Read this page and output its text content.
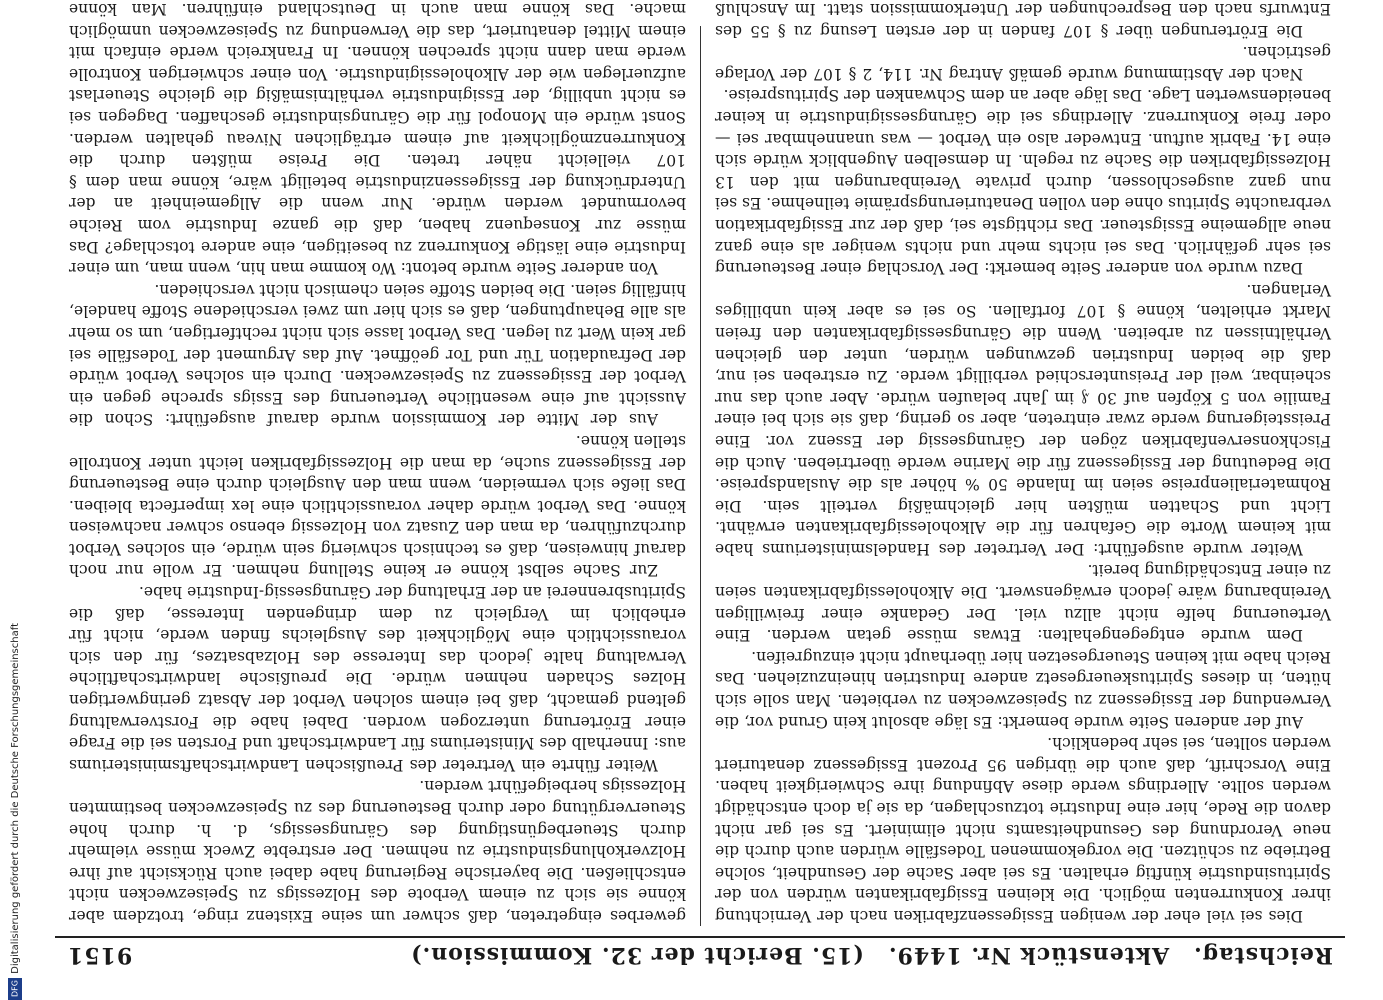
Reichstag.
Aktenstück Nr. 1449.
(15. Bericht der 32. Kommission.)
9151

Dies sei viel eher der wenigen Essigessenzfabriken nach der Vernichtung ihrer Konkurrenten möglich. Die kleinen Essigfabrikanten würden von der Spiritusindustrie künftig erhalten. Es sei aber Sache der Gesundheit, solche Betriebe zu schützen. Die vorgekommenen Todesfälle würden auch durch die neue Verordnung des Gesundheitsamts nicht eliminiert. Es sei gar nicht davon die Rede, hier eine Industrie totzuschlagen, da sie ja doch entschädigt werden sollte. Allerdings werde diese Abfindung ihre Schwierigkeit haben. Eine Vorschrift, daß auch die übrigen 95 Prozent Essigessenz denaturiert werden sollten, sei sehr bedenklich.

Auf der anderen Seite wurde bemerkt: Es läge absolut kein Grund vor, die Verwendung der Essigessenz zu Speisezwecken zu verbieten. Man solle sich hüten, in dieses Spirituskeuergesetz andere Industrien hineinzuziehen. Das Reich habe mit keinen Steuergesetzen hier überhaupt nicht einzugreifen.

Dem wurde entgegengehalten: Etwas müsse getan werden. Eine Verteuerung helfe nicht allzu viel. Der Gedanke einer freiwilligen Vereinbarung wäre jedoch erwägenswert. Die Alkoholessigfabrikanten seien zu einer Entschädigung bereit.

Weiter wurde ausgeführt: Der Vertreter des Handelsministeriums habe mit keinem Worte die Gefahren für die Alkoholessigfabrikanten erwähnt. Licht und Schatten müßten hier gleichmäßig verteilt sein. Die Rohmaterialienpreise seien im Inlande 50 % höher als die Auslandspreise. Die Bedeutung der Essigessenz für die Marine werde übertrieben. Auch die Fischkonservenfabriken zögen der Gärungsessig der Essenz vor. Eine Preissteigerung werde zwar eintreten, aber so gering, daß sie sich bei einer Familie von 5 Köpfen auf 30 ₰ im Jahr belaufen würde. Aber auch das nur scheinbar, weil der Preisunterschied verbilligt werde. Zu erstreben sei nur, daß die beiden Industrien gezwungen würden, unter den gleichen Verhältnissen zu arbeiten. Wenn die Gärungsessigfabrikanten den freien Markt erhielten, könne § 107 fortfallen. So sei es aber kein unbilliges Verlangen.

Dazu wurde von anderer Seite bemerkt: Der Vorschlag einer Besteuerung sei sehr gefährlich. Das sei nichts mehr und nichts weniger als eine ganz neue allgemeine Essigsteuer. Das richtigste sei, daß der zur Essigfabrikation verbrauchte Spiritus ohne den vollen Denaturierungsprämie teilnehme. Es sei nun ganz ausgeschlossen, durch private Vereinbarungen mit den 13 Holzessigfabriken die Sache zu regeln. In demselben Augenblick würde sich eine 14. Fabrik auftun. Entweder also ein Verbot — was unannehmbar sei — oder freie Konkurrenz. Allerdings sei die Gärungsessigindustrie in keiner beneidenswerten Lage. Das läge aber an dem Schwanken der Spirituspreise.

Nach der Abstimmung wurde gemäß Antrag Nr. 114, 2 § 107 der Vorlage gestrichen.

Die Erörterungen über § 107 fanden in der ersten Lesung zu § 55 des Entwurfs nach den Besprechungen der Unterkommission statt. Im Anschluß

gewerbes eingetreten, daß schwer um seine Existenz ringe, trotzdem aber könne sie sich zu einem Verbote des Holzessigs zu Speisezwecken nicht entschließen. Die bayerische Regierung habe dabei auch Rücksicht auf ihre Holzverkohlungsindustrie zu nehmen. Der erstrebte Zweck müsse vielmehr durch Steuerbegünstigung des Gärungsessigs, d. h. durch hohe Steuervergütung oder durch Besteuerung des zu Speisezwecken bestimmten Holzessigs herbeigeführt werden.

Weiter führte ein Vertreter des Preußischen Landwirtschaftsministeriums aus: Innerhalb des Ministeriums für Landwirtschaft und Forsten sei die Frage einer Erörterung unterzogen worden. Dabei habe die Forstverwaltung geltend gemacht, daß bei einem solchen Verbot der Absatz geringwertigen Holzes Schaden nehmen würde. Die preußische landwirtschaftliche Verwaltung halte jedoch das Interesse des Holzabsatzes, für den sich voraussichtlich eine Möglichkeit des Ausgleichs finden werde, nicht für erheblich im Vergleich zu dem dringenden Interesse, daß die Spiritusbrennerei an der Erhaltung der Gärungsessig-Industrie habe.

Zur Sache selbst könne er keine Stellung nehmen. Er wolle nur noch darauf hinweisen, daß es technisch schwierig sein würde, ein solches Verbot durchzuführen, da man den Zusatz von Holzessig ebenso schwer nachweisen könne. Das Verbot würde daher voraussichtlich eine lex imperfecta bleiben. Das ließe sich vermeiden, wenn man den Ausgleich durch eine Besteuerung der Essigessenz suche, da man die Holzessigfabriken leicht unter Kontrolle stellen könne.

Aus der Mitte der Kommission wurde darauf ausgeführt: Schon die Aussicht auf eine wesentliche Verteuerung des Essigs spreche gegen ein Verbot der Essigessenz zu Speisezwecken. Durch ein solches Verbot würde der Defraudation Tür und Tor geöffnet. Auf das Argument der Todesfälle sei gar kein Wert zu legen. Das Verbot lasse sich nicht rechtfertigen, um so mehr als alle Behauptungen, daß es sich hier um zwei verschiedene Stoffe handele, hinfällig seien. Die beiden Stoffe seien chemisch nicht verschieden.

Von anderer Seite wurde betont: Wo komme man hin, wenn man, um einer Industrie eine lästige Konkurrenz zu beseitigen, eine andere totschlage? Das müsse zur Konsequenz haben, daß die ganze Industrie vom Reiche bevormundet werden würde. Nur wenn die Allgemeinheit an der Unterdrückung der Essigessenzindustrie beteiligt wäre, könne man dem § 107 vielleicht näher treten. Die Preise müßten durch die Konkurrenzmöglichkeit auf einem erträglichen Niveau gehalten werden. Sonst würde ein Monopol für die Gärungsindustrie geschaffen. Dagegen sei es nicht unbillig, der Essigindustrie verhältnismäßig die gleiche Steuerlast aufzuerlegen wie der Alkoholessigindustrie. Von einer schwierigen Kontrolle werde man dann nicht sprechen können. In Frankreich werde einfach mit einem Mittel denaturiert, das die Verwendung zu Speisezwecken unmöglich mache. Das könne man auch in Deutschland einführen. Man könne

Digitalisierung gefördert durch die Deutsche Forschungsgemeinschaft
DFG
